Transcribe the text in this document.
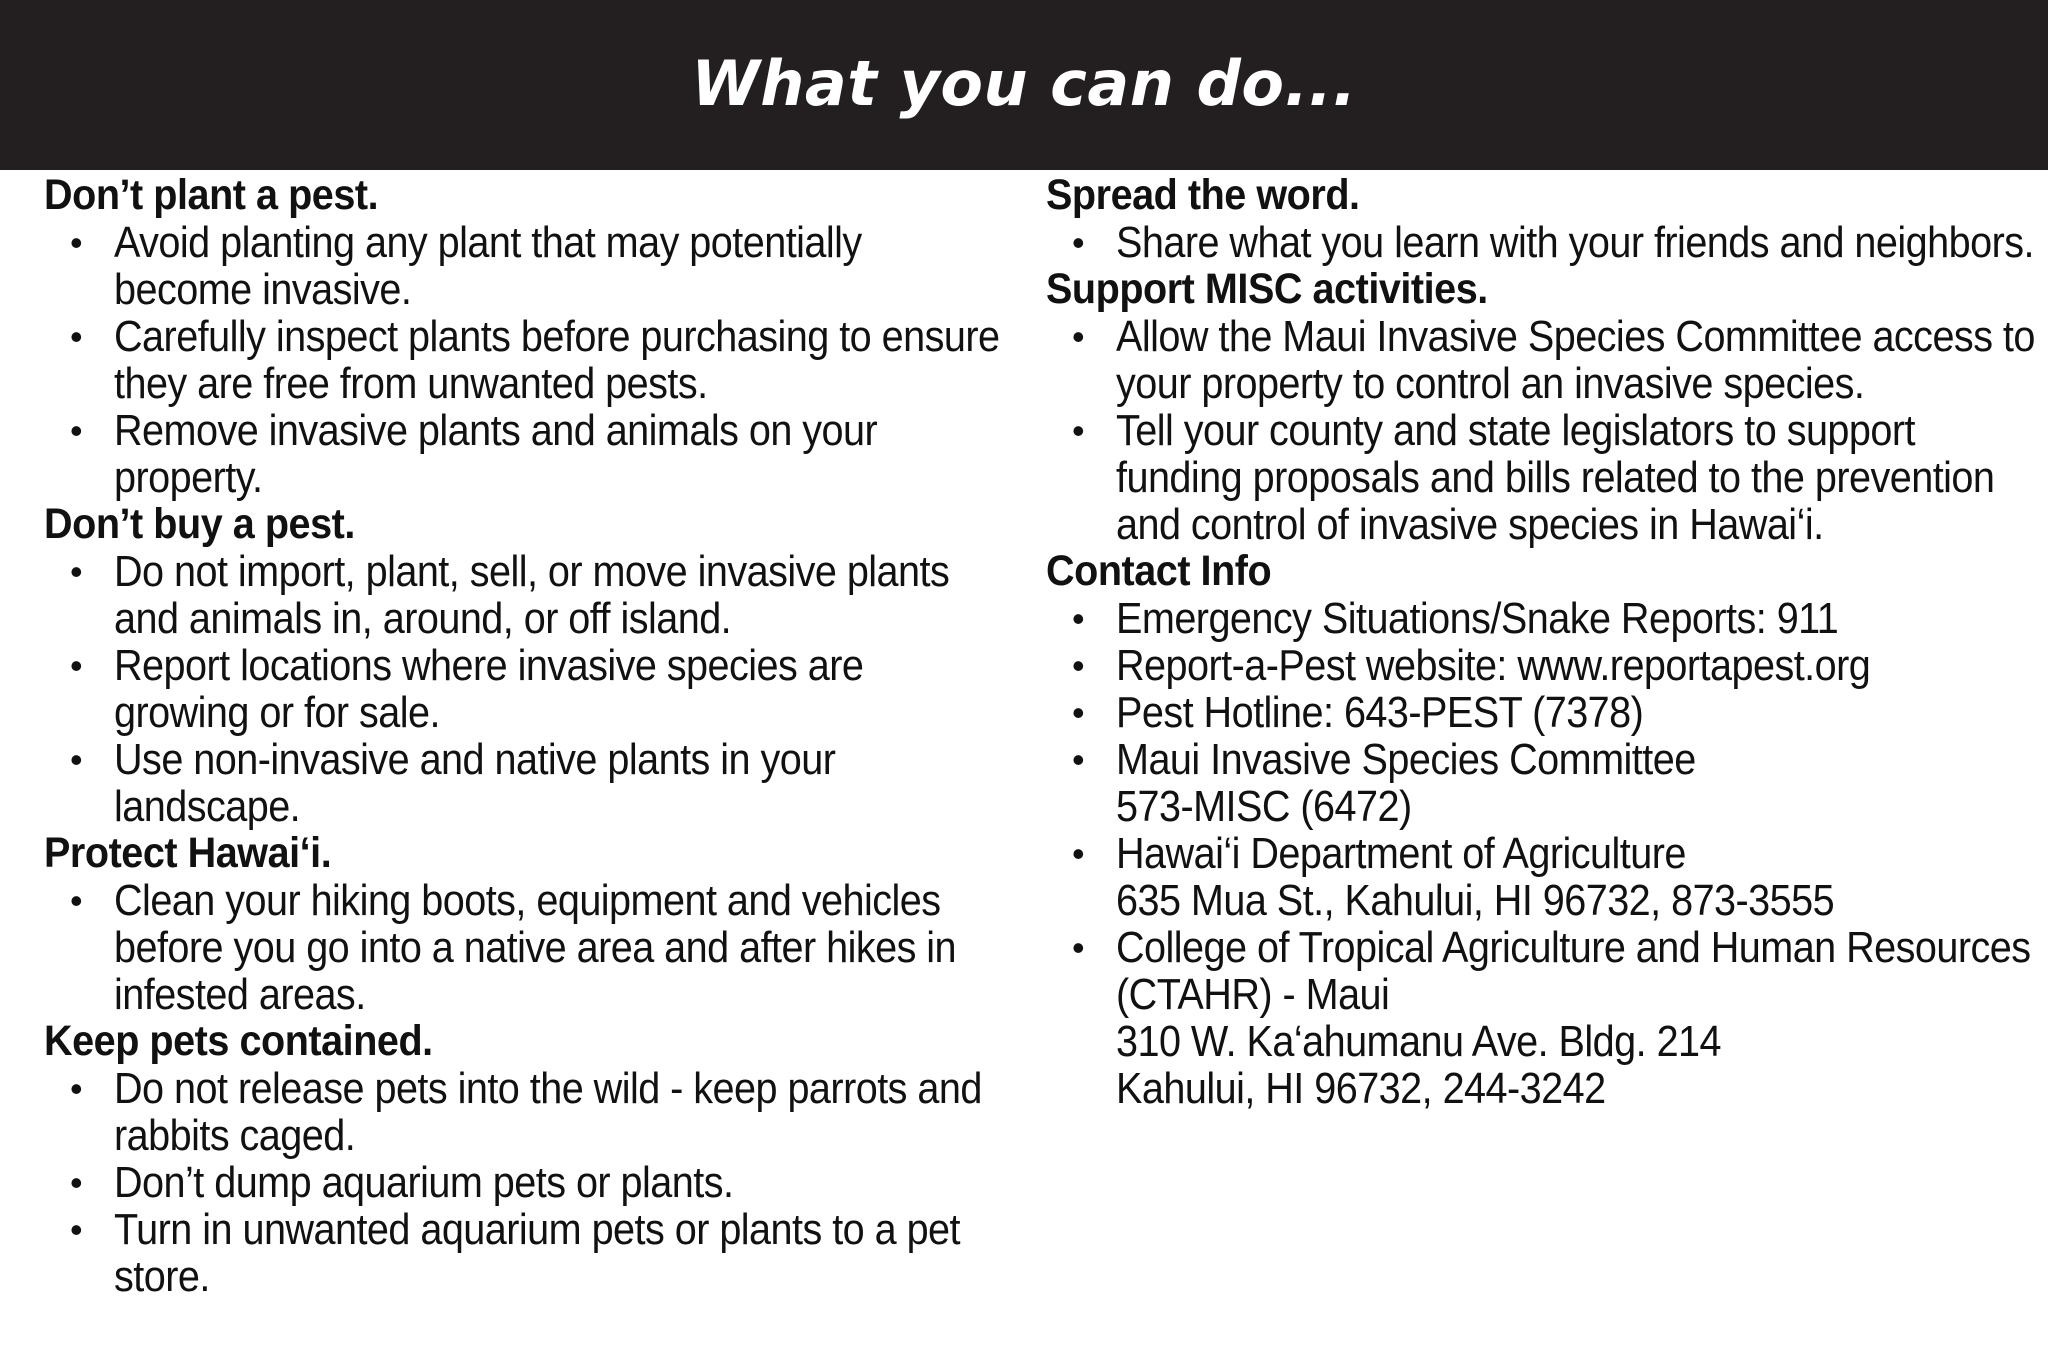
What you can do...
Don’t plant a pest.
• Avoid planting any plant that may potentially become invasive.
• Carefully inspect plants before purchasing to ensure they are free from unwanted pests.
• Remove invasive plants and animals on your property.
Don’t buy a pest.
• Do not import, plant, sell, or move invasive plants and animals in, around, or off island.
• Report locations where invasive species are growing or for sale.
• Use non-invasive and native plants in your landscape.
Protect Hawai‘i.
• Clean your hiking boots, equipment and vehicles before you go into a native area and after hikes in infested areas.
Keep pets contained.
• Do not release pets into the wild - keep parrots and rabbits caged.
• Don’t dump aquarium pets or plants.
• Turn in unwanted aquarium pets or plants to a pet store.
Spread the word.
• Share what you learn with your friends and neighbors.
Support MISC activities.
• Allow the Maui Invasive Species Committee access to your property to control an invasive species.
• Tell your county and state legislators to support funding proposals and bills related to the prevention and control of invasive species in Hawai‘i.
Contact Info
• Emergency Situations/Snake Reports: 911
• Report-a-Pest website: www.reportapest.org
• Pest Hotline: 643-PEST (7378)
• Maui Invasive Species Committee
573-MISC (6472)
• Hawai‘i Department of Agriculture
635 Mua St., Kahului, HI 96732, 873-3555
• College of Tropical Agriculture and Human Resources (CTAHR) - Maui
310 W. Ka‘ahumanu Ave. Bldg. 214
Kahului, HI 96732, 244-3242
